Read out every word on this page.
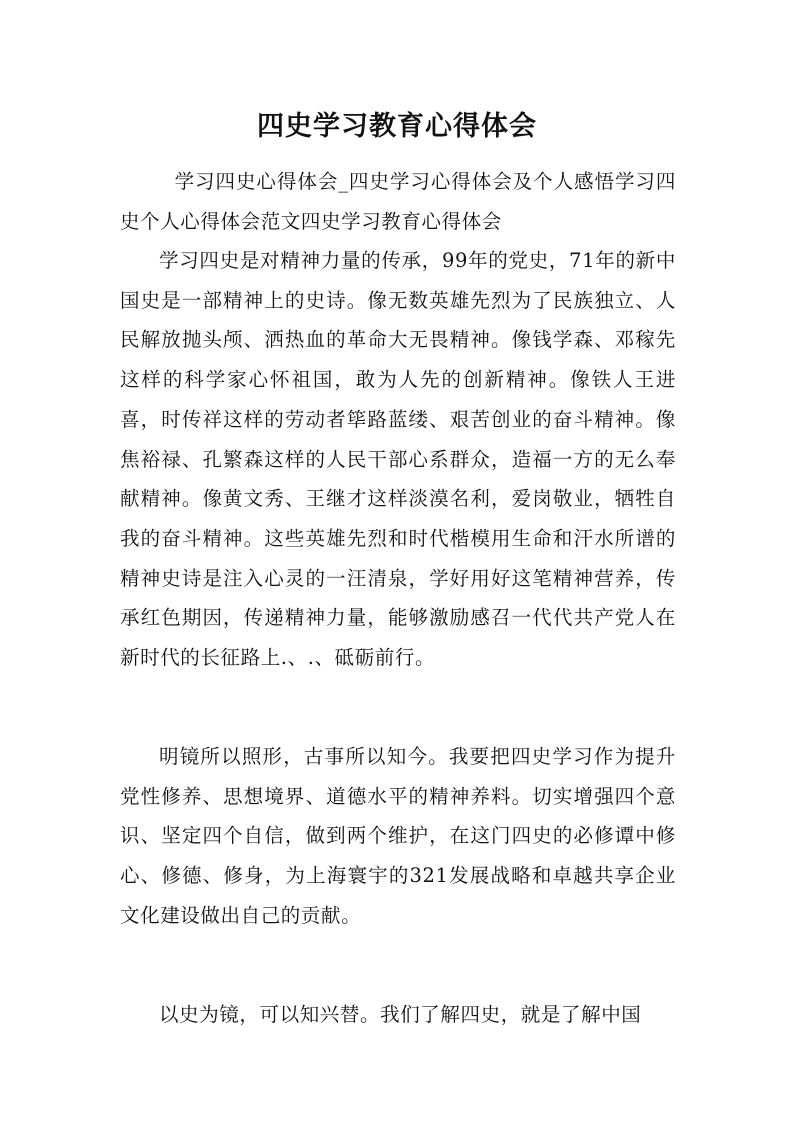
四史学习教育心得体会

学习四史心得体会_四史学习心得体会及个人感悟学习四史个人心得体会范文四史学习教育心得体会

学习四史是对精神力量的传承，99年的党史，71年的新中国史是一部精神上的史诗。像无数英雄先烈为了民族独立、人民解放抛头颅、洒热血的革命大无畏精神。像钱学森、邓稼先这样的科学家心怀祖国，敢为人先的创新精神。像铁人王进喜，时传祥这样的劳动者筚路蓝缕、艰苦创业的奋斗精神。像焦裕禄、孔繁森这样的人民干部心系群众，造福一方的无么奉献精神。像黄文秀、王继才这样淡漠名利，爱岗敬业，牺牲自我的奋斗精神。这些英雄先烈和时代楷模用生命和汗水所谱的精神史诗是注入心灵的一汪清泉，学好用好这笔精神营养，传承红色期因，传递精神力量，能够激励感召一代代共产党人在新时代的长征路上.、.、砥砺前行。

明镜所以照形，古事所以知今。我要把四史学习作为提升党性修养、思想境界、道德水平的精神养料。切实增强四个意识、坚定四个自信，做到两个维护，在这门四史的必修谭中修心、修德、修身，为上海寰宇的321发展战略和卓越共享企业文化建设做出自己的贡献。

以史为镜，可以知兴替。我们了解四史，就是了解中国
